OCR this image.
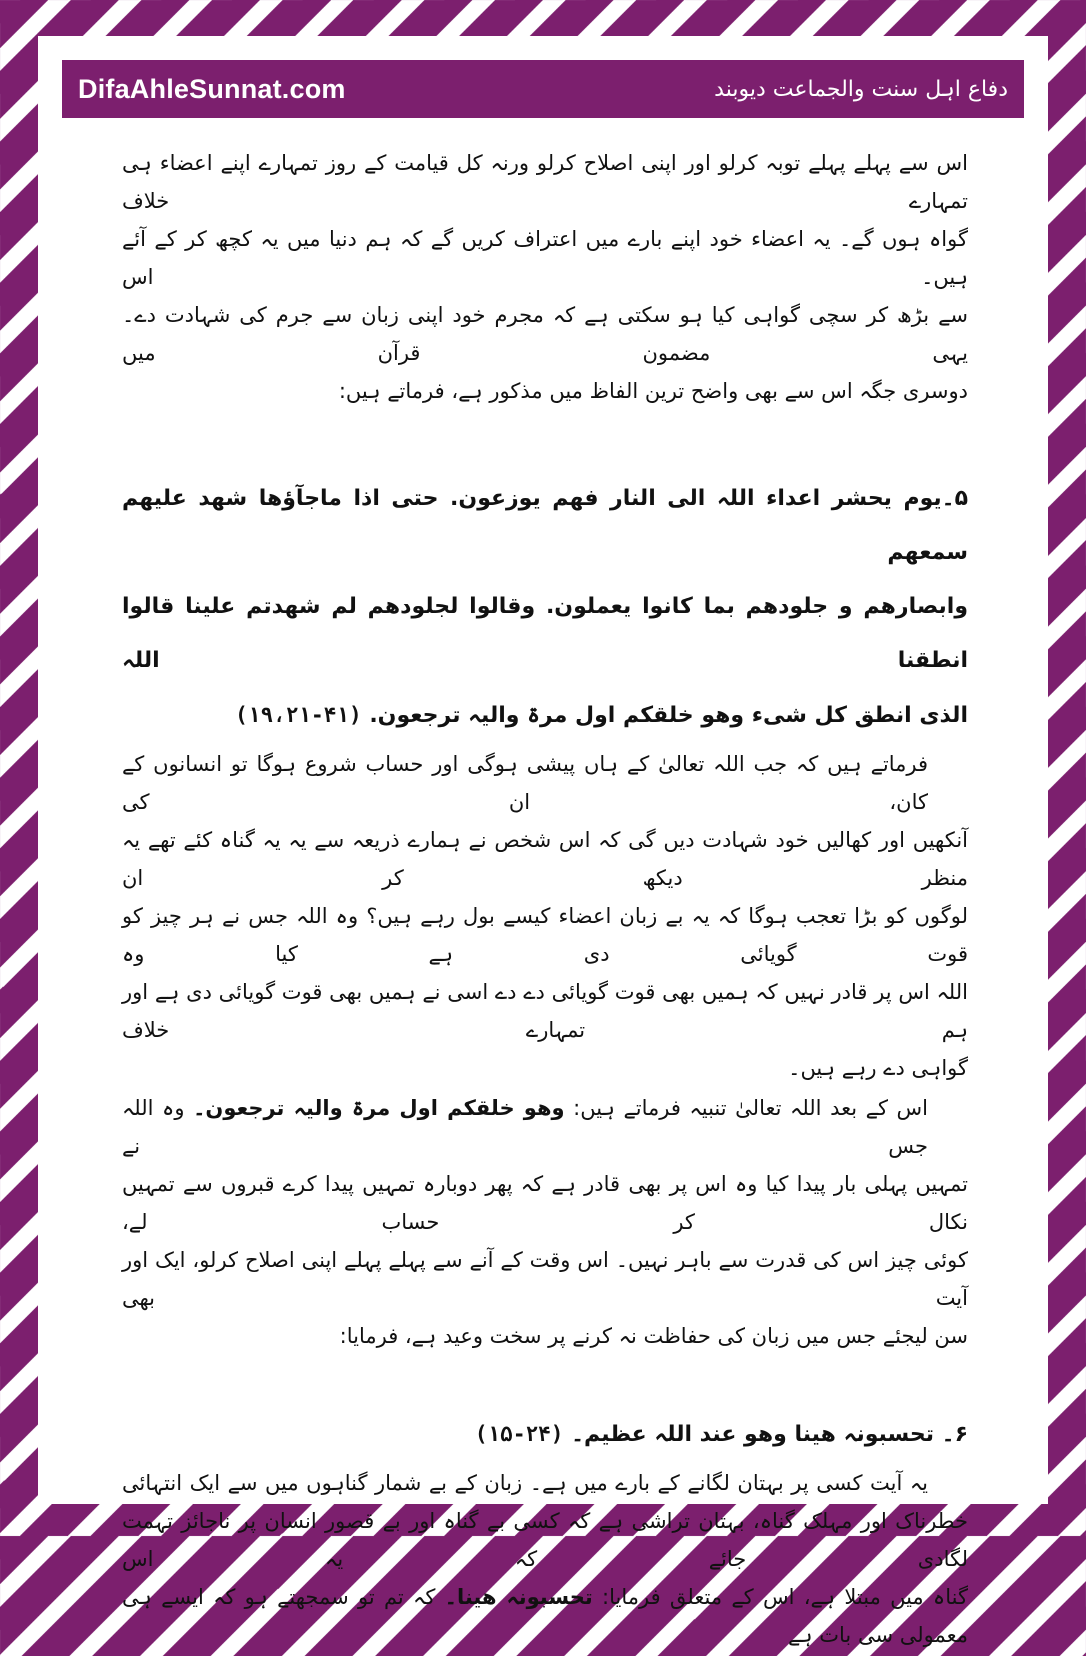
DifaAhleSunnat.com	دفاع اہل سنت والجماعت دیوبند

اس سے پہلے پہلے توبہ کرلو اور اپنی اصلاح کرلو ورنہ کل قیامت کے روز تمہارے اپنے اعضاء ہی تمہارے خلاف

گواہ ہوں گے۔ یہ اعضاء خود اپنے بارے میں اعتراف کریں گے کہ ہم دنیا میں یہ کچھ کر کے آئے ہیں۔ اس

سے بڑھ کر سچی گواہی کیا ہو سکتی ہے کہ مجرم خود اپنی زبان سے جرم کی شہادت دے۔ یہی مضمون قرآن میں

دوسری جگہ اس سے بھی واضح ترین الفاظ میں مذکور ہے، فرماتے ہیں:

۵۔یوم یحشر اعداء اللہ الی النار فھم یوزعون. حتی اذا ماجآؤھا شھد علیھم سمعھم

وابصارھم و جلودھم بما کانوا یعملون. وقالوا لجلودھم لم شھدتم علینا قالوا انطقنا اللہ

الذی انطق کل شیء وھو خلقکم اول مرۃ والیہ ترجعون. (۴۱-۱۹،۲۱)

فرماتے ہیں کہ جب اللہ تعالیٰ کے ہاں پیشی ہوگی اور حساب شروع ہوگا تو انسانوں کے کان، ان کی

آنکھیں اور کھالیں خود شہادت دیں گی کہ اس شخص نے ہمارے ذریعہ سے یہ یہ گناہ کئے تھے یہ منظر دیکھ کر ان

لوگوں کو بڑا تعجب ہوگا کہ یہ بے زبان اعضاء کیسے بول رہے ہیں؟ وہ اللہ جس نے ہر چیز کو قوت گویائی دی ہے کیا وہ

اللہ اس پر قادر نہیں کہ ہمیں بھی قوت گویائی دے دے اسی نے ہمیں بھی قوت گویائی دی ہے اور ہم تمہارے خلاف

گواہی دے رہے ہیں۔

اس کے بعد اللہ تعالیٰ تنبیہ فرماتے ہیں: وھو خلقکم اول مرۃ والیہ ترجعون۔ وہ اللہ جس نے

تمہیں پہلی بار پیدا کیا وہ اس پر بھی قادر ہے کہ پھر دوبارہ تمہیں پیدا کرے قبروں سے تمہیں نکال کر حساب لے،

کوئی چیز اس کی قدرت سے باہر نہیں۔ اس وقت کے آنے سے پہلے پہلے اپنی اصلاح کرلو، ایک اور آیت بھی

سن لیجئے جس میں زبان کی حفاظت نہ کرنے پر سخت وعید ہے، فرمایا:

۶۔ تحسبونہ ھینا وھو عند اللہ عظیم۔ (۲۴-۱۵)

یہ آیت کسی پر بہتان لگانے کے بارے میں ہے۔ زبان کے بے شمار گناہوں میں سے ایک انتہائی

خطرناک اور مہلک گناہ، بہتان تراشی ہے کہ کسی بے گناہ اور بے قصور انسان پر ناجائز تہمت لگادی جائے کہ یہ اس

گناہ میں مبتلا ہے، اس کے متعلق فرمایا: تحسبونہ ھینا۔ کہ تم تو سمجھتے ہو کہ ایسے ہی معمولی سی بات ہے
